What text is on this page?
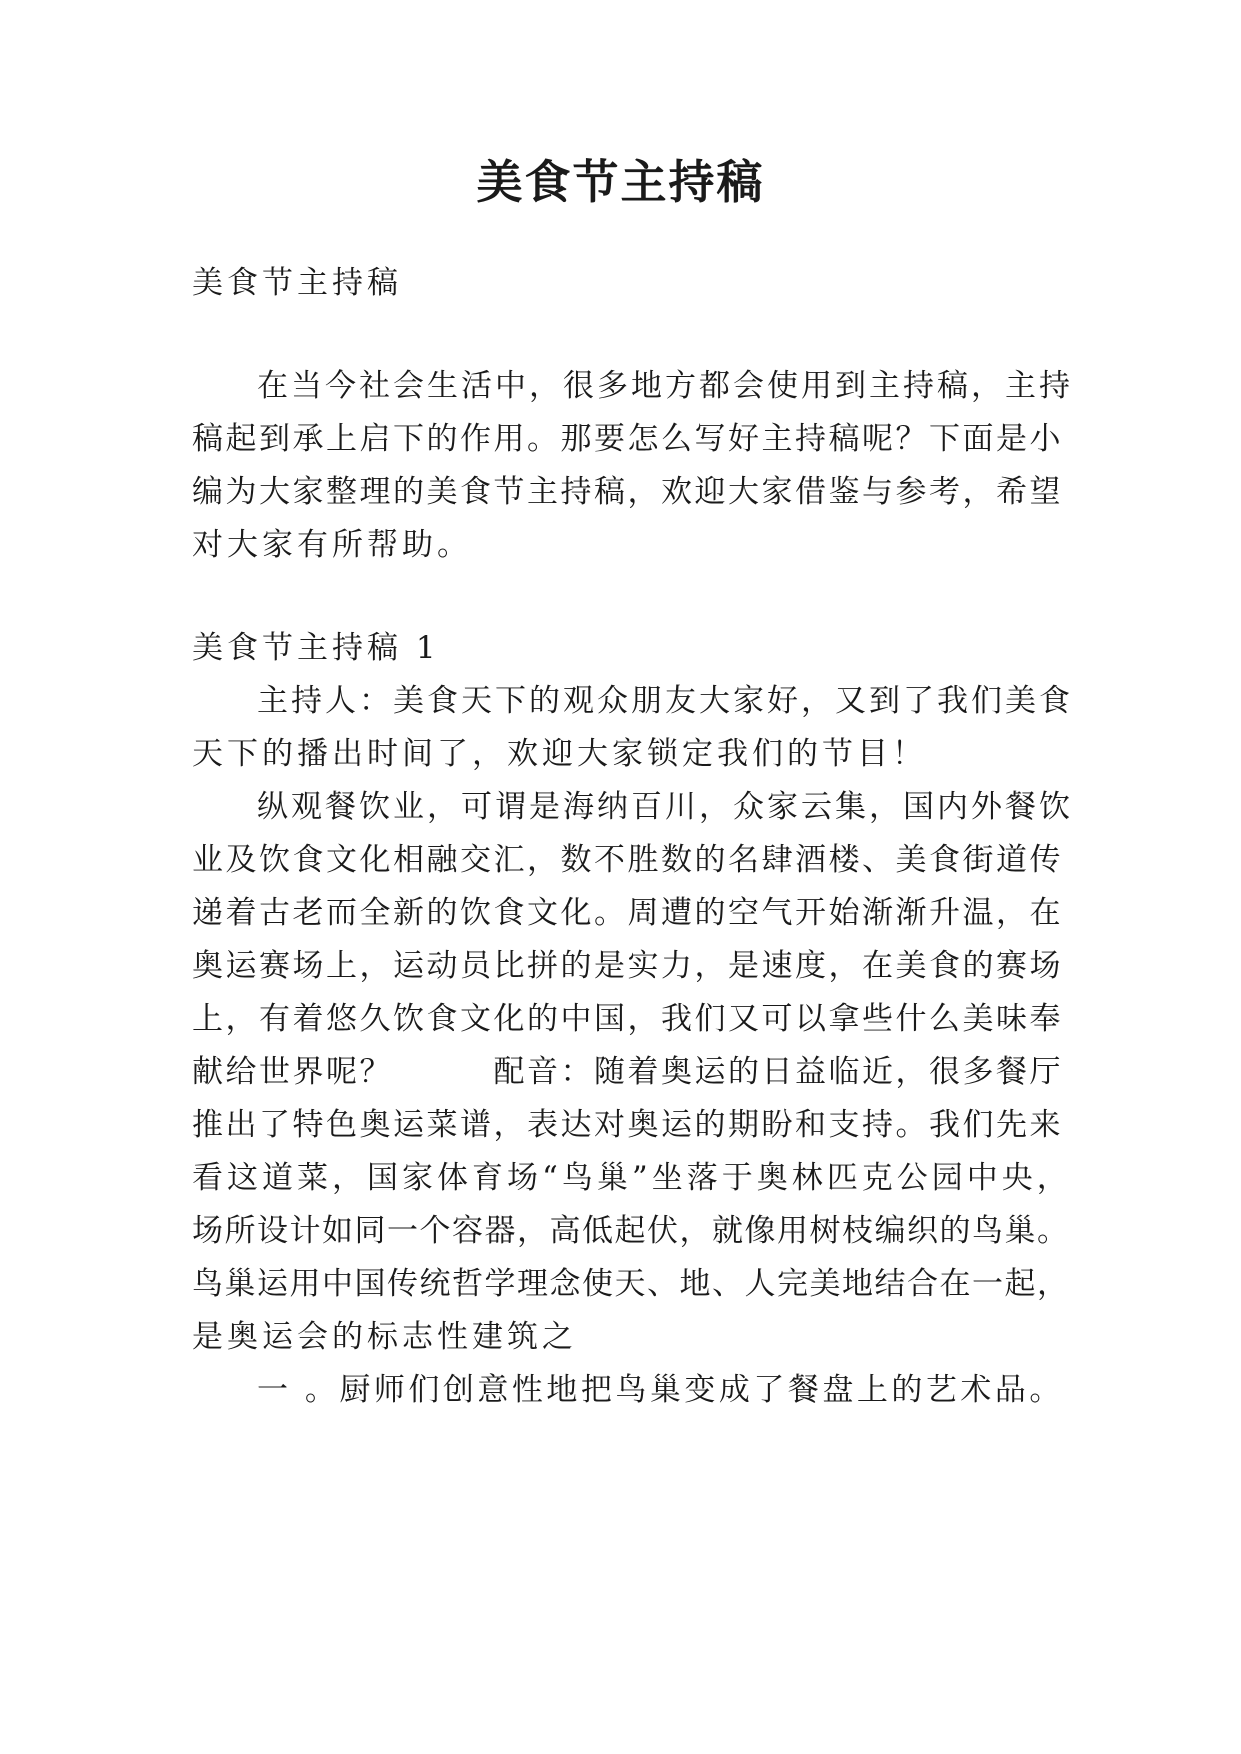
美食节主持稿

美食节主持稿

在当今社会生活中，很多地方都会使用到主持稿，主持

稿起到承上启下的作用。那要怎么写好主持稿呢？下面是小

编为大家整理的美食节主持稿，欢迎大家借鉴与参考，希望

对大家有所帮助。

美食节主持稿 1

主持人：美食天下的观众朋友大家好，又到了我们美食

天下的播出时间了，欢迎大家锁定我们的节目！

纵观餐饮业，可谓是海纳百川，众家云集，国内外餐饮

业及饮食文化相融交汇，数不胜数的名肆酒楼、美食街道传

递着古老而全新的饮食文化。周遭的空气开始渐渐升温，在

奥运赛场上，运动员比拼的是实力，是速度，在美食的赛场

上，有着悠久饮食文化的中国，我们又可以拿些什么美味奉

献给世界呢？　　　配音：随着奥运的日益临近，很多餐厅

推出了特色奥运菜谱，表达对奥运的期盼和支持。我们先来

看这道菜，国家体育场“鸟巢”坐落于奥林匹克公园中央，

场所设计如同一个容器，高低起伏，就像用树枝编织的鸟巢。

鸟巢运用中国传统哲学理念使天、地、人完美地结合在一起，

是奥运会的标志性建筑之

一 。厨师们创意性地把鸟巢变成了餐盘上的艺术品。
